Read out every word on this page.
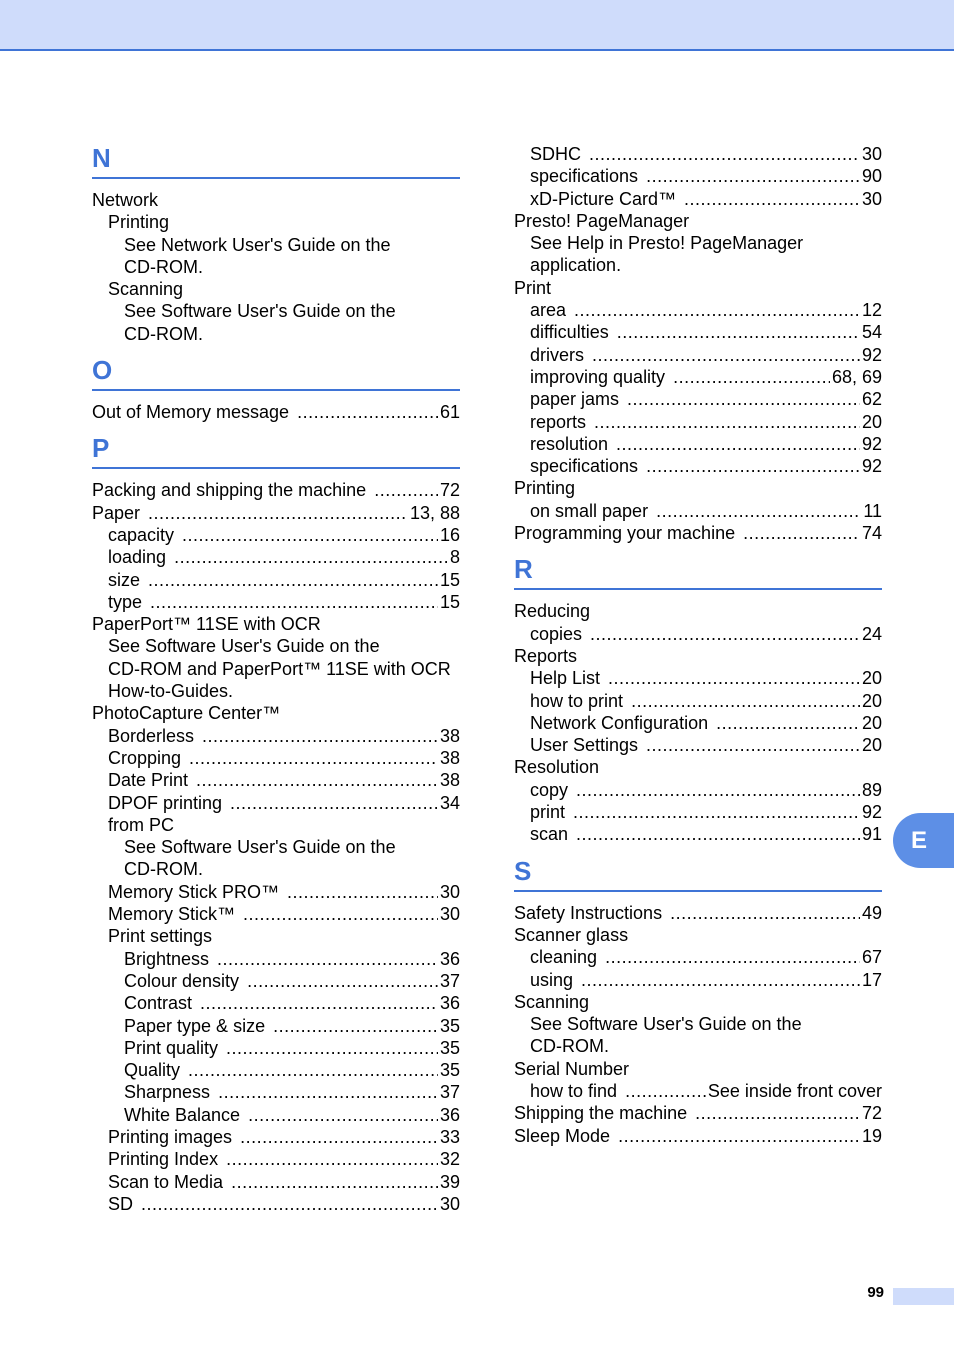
N
Network
Printing
See Network User's Guide on the
CD-ROM.
Scanning
See Software User's Guide on the
CD-ROM.
O
Out of Memory message .....	61
P
Packing and shipping the machine .....	72
Paper .....	13, 88
capacity .....	16
loading .....	8
size .....	15
type .....	15
PaperPort™ 11SE with OCR
See Software User's Guide on the
CD-ROM and PaperPort™ 11SE with OCR
How-to-Guides.
PhotoCapture Center™
Borderless .....	38
Cropping .....	38
Date Print .....	38
DPOF printing .....	34
from PC
See Software User's Guide on the
CD-ROM.
Memory Stick PRO™ .....	30
Memory Stick™ .....	30
Print settings
Brightness .....	36
Colour density .....	37
Contrast .....	36
Paper type & size .....	35
Print quality .....	35
Quality .....	35
Sharpness .....	37
White Balance .....	36
Printing images .....	33
Printing Index .....	32
Scan to Media .....	39
SD .....	30
SDHC .....	30
specifications .....	90
xD-Picture Card™ .....	30
Presto! PageManager
See Help in Presto! PageManager
application.
Print
area .....	12
difficulties .....	54
drivers .....	92
improving quality .....	68, 69
paper jams .....	62
reports .....	20
resolution .....	92
specifications .....	92
Printing
on small paper .....	11
Programming your machine .....	74
R
Reducing
copies .....	24
Reports
Help List .....	20
how to print .....	20
Network Configuration .....	20
User Settings .....	20
Resolution
copy .....	89
print .....	92
scan .....	91
S
Safety Instructions .....	49
Scanner glass
cleaning .....	67
using .....	17
Scanning
See Software User's Guide on the
CD-ROM.
Serial Number
how to find .....	See inside front cover
Shipping the machine .....	72
Sleep Mode .....	19
E
99
